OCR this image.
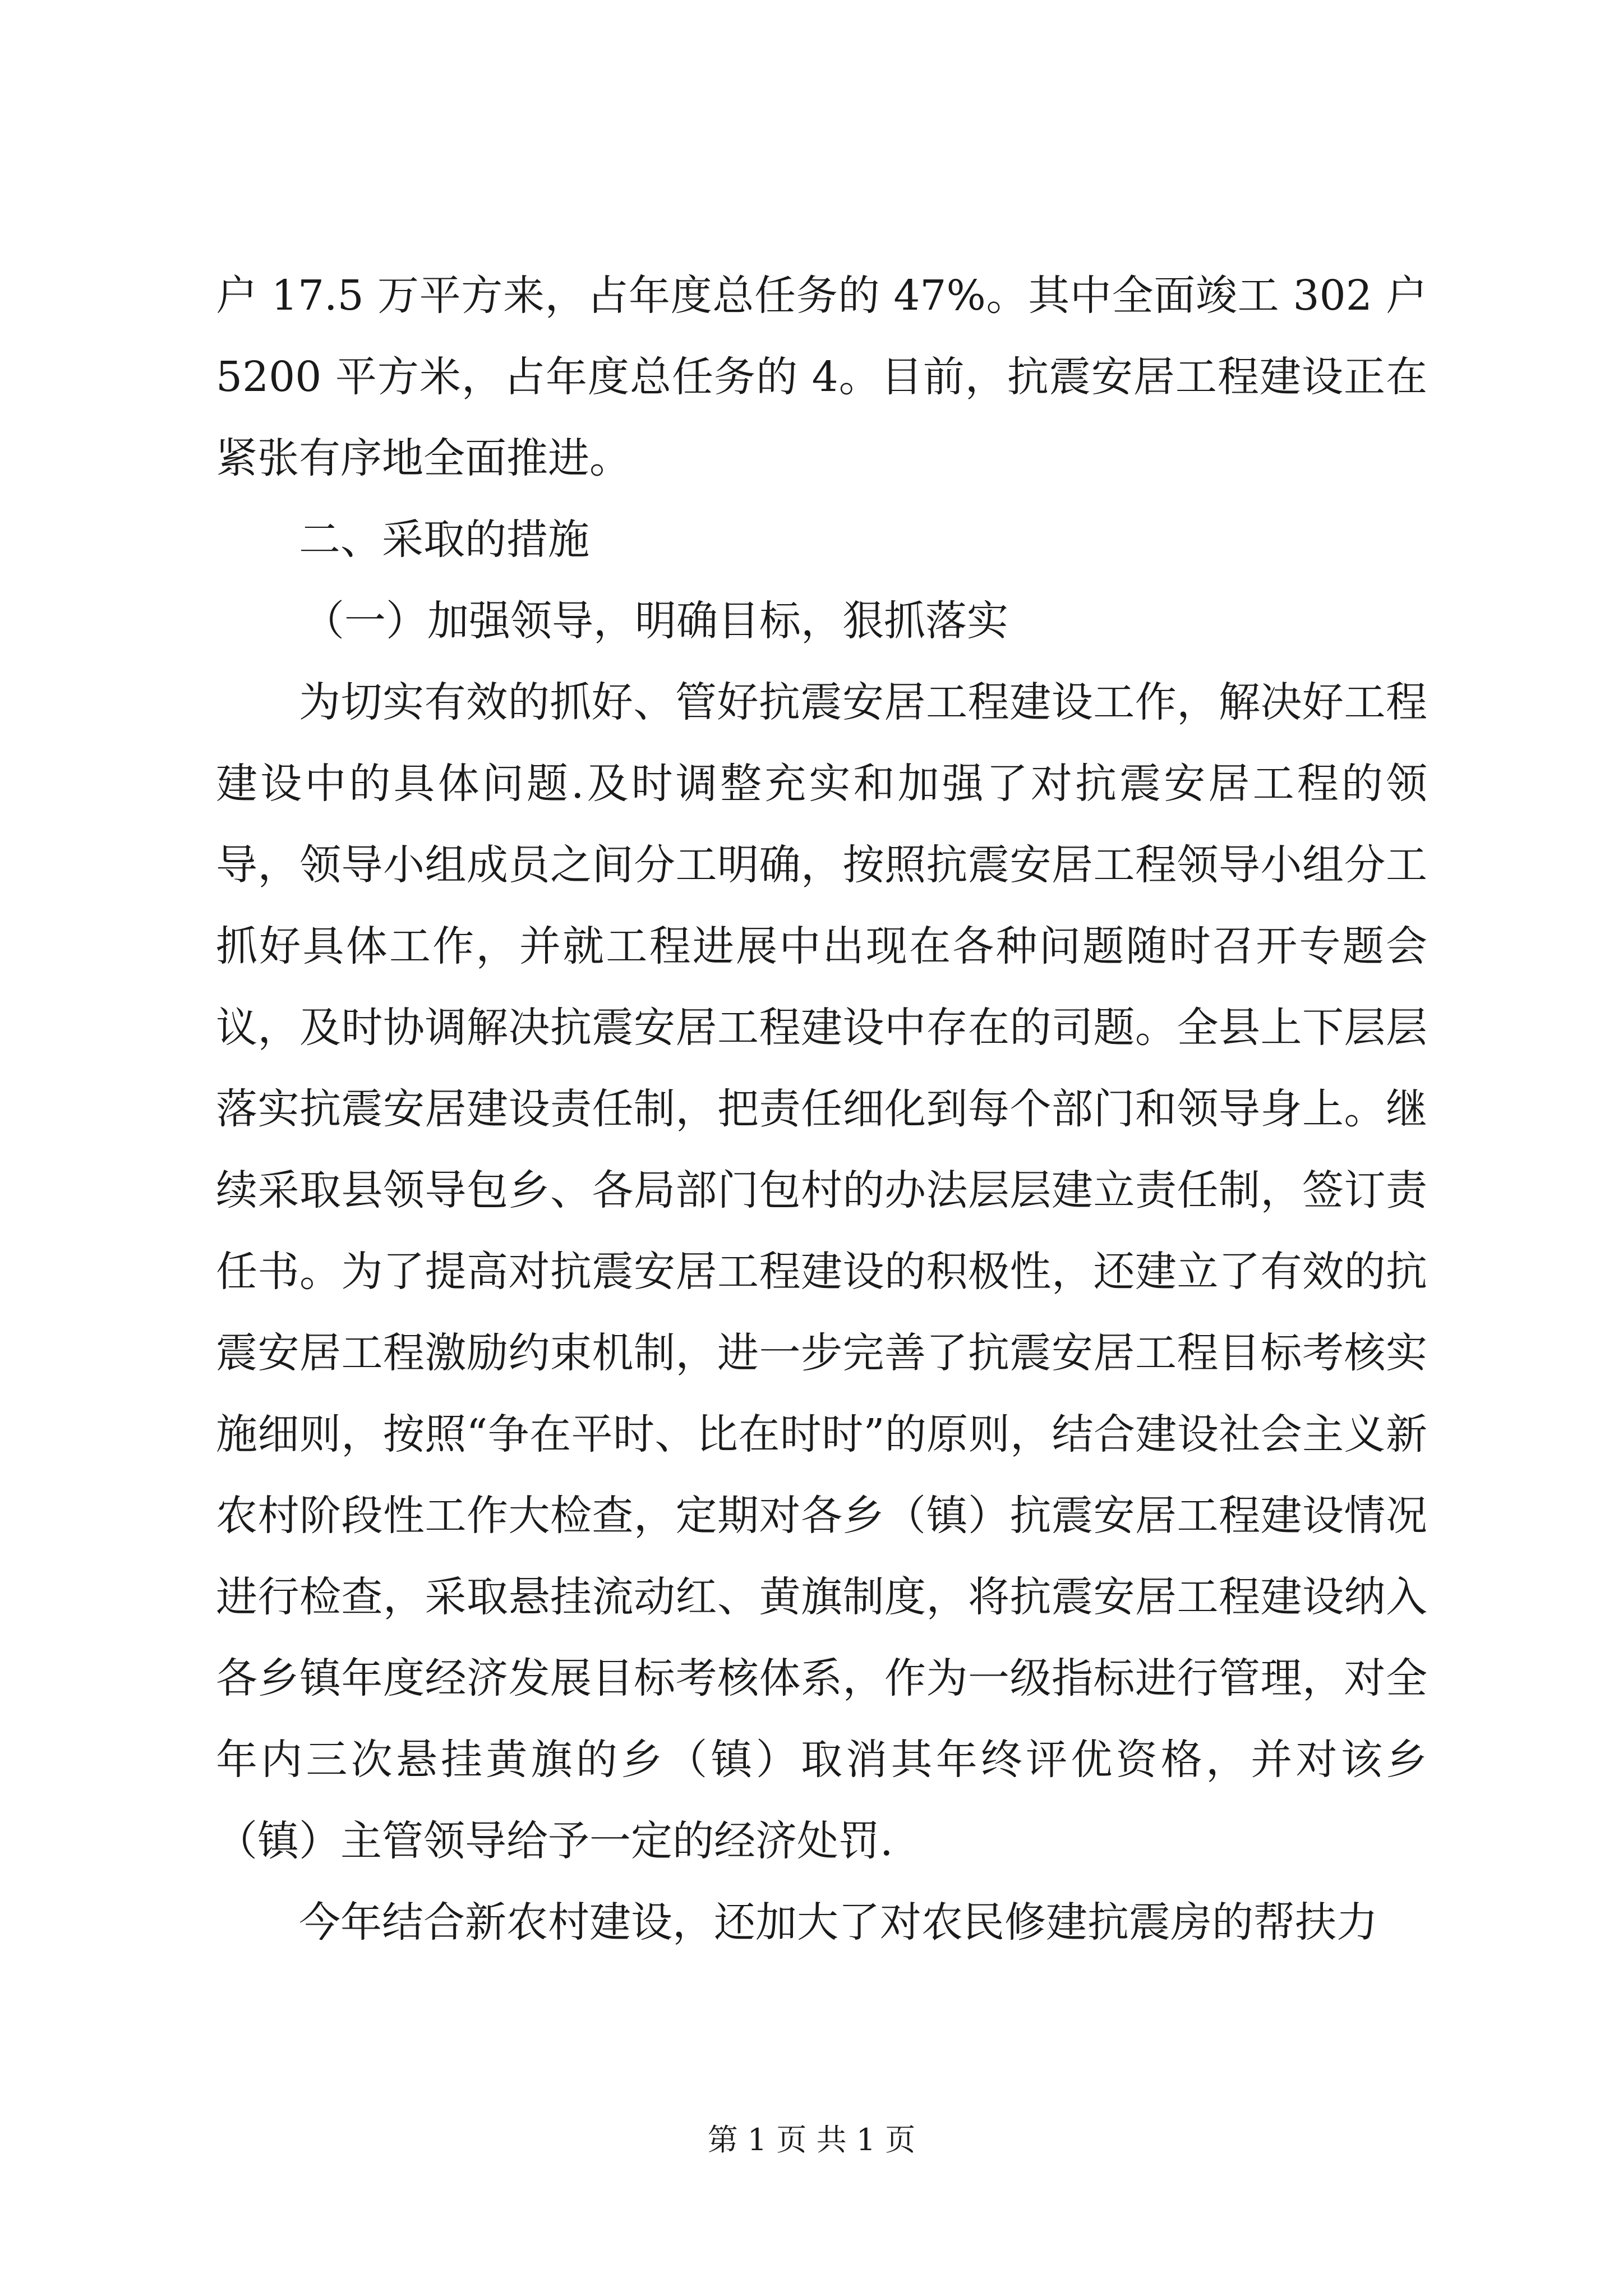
户 17.5 万平方来，占年度总任务的 47%。其中全面竣工 302 户 5200 平方米，占年度总任务的 4。目前，抗震安居工程建设正在紧张有序地全面推进。

二、采取的措施

（一）加强领导，明确目标，狠抓落实

为切实有效的抓好、管好抗震安居工程建设工作，解决好工程建设中的具体问题.及时调整充实和加强了对抗震安居工程的领导，领导小组成员之间分工明确，按照抗震安居工程领导小组分工抓好具体工作，并就工程进展中出现在各种问题随时召开专题会议，及时协调解决抗震安居工程建设中存在的司题。全县上下层层落实抗震安居建设责任制，把责任细化到每个部门和领导身上。继续采取县领导包乡、各局部门包村的办法层层建立责任制，签订责任书。为了提高对抗震安居工程建设的积极性，还建立了有效的抗震安居工程激励约束机制，进一步完善了抗震安居工程目标考核实施细则，按照“争在平时、比在时时”的原则，结合建设社会主义新农村阶段性工作大检查，定期对各乡（镇）抗震安居工程建设情况进行检查，采取悬挂流动红、黄旗制度，将抗震安居工程建设纳入各乡镇年度经济发展目标考核体系，作为一级指标进行管理，对全年内三次悬挂黄旗的乡（镇）取消其年终评优资格，并对该乡（镇）主管领导给予一定的经济处罚.

今年结合新农村建设，还加大了对农民修建抗震房的帮扶力

第 1 页 共 1 页
